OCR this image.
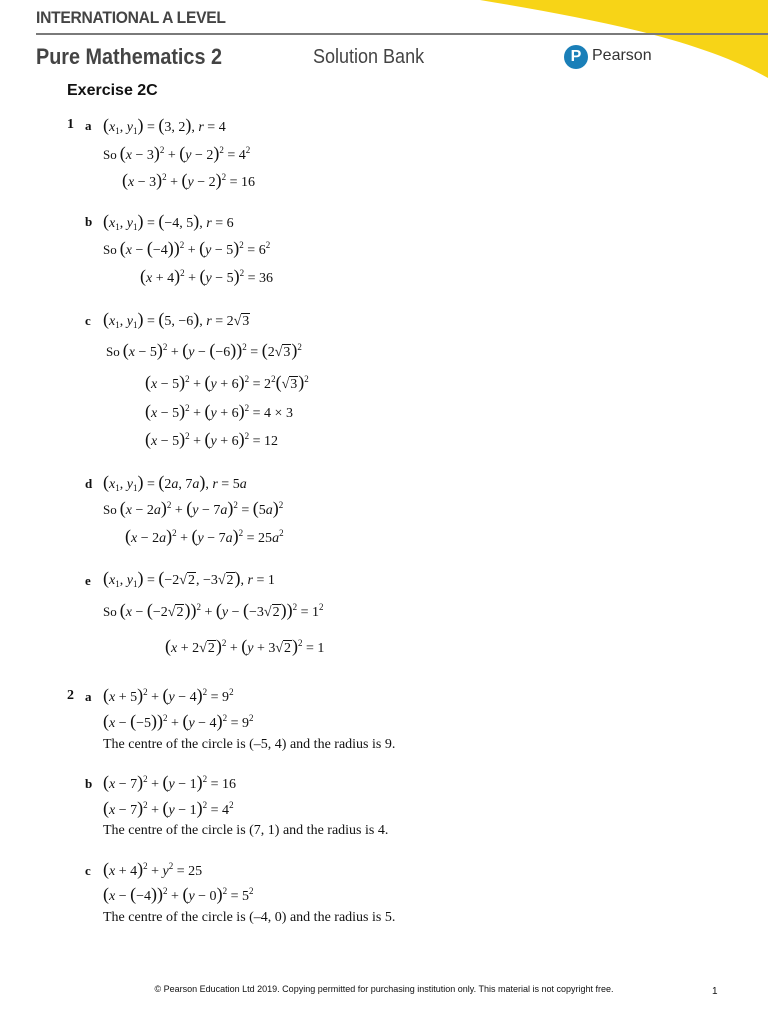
INTERNATIONAL A LEVEL
Pure Mathematics 2	Solution Bank	P Pearson
Exercise 2C
1 a ($x_1$, $y_1) = (3$, 2), r = 4
So $(x - 3)^2 + (y - 2)^2 = 4^2$
$(x - 3)^2 + (y - 2)^2 = 16$
b ($x_1$, $y_1) = (-4$, 5), r = 6
So $(x - (-4))^2 + (y - 5)^2 = 6^2$
$(x + 4)^2 + (y - 5)^2 = 36$
c ($x_1$, $y_1) = (5$, −6), r = 2√3
So $(x - 5)^2 + (y - (-6))^2 = (2√3)^2$
$(x - 5)^2 + (y + 6)^2 = 2^2(√3)^2$
$(x - 5)^2 + (y + 6)^2 = 4 \times 3$
$(x - 5)^2 + (y + 6)^2 = 12$
d ($x_1$, $y_1) = (2a$, 7a), r = 5a
So $(x - 2a)^2 + (y - 7a)^2 = (5a)^2$
$(x - 2a)^2 + (y - 7a)^2 = 25a^2$
e ($x_1$, $y_1) = (-2√2$, −3√2), r = 1
So $(x - (-2√2))^2 + (y - (-3√2))^2 = 1^2$
$(x + 2√2)^2 + (y + 3√2)^2 = 1$
2 a $(x + 5)^2 + (y - 4)^2 = 9^2$
$(x - (-5))^2 + (y - 4)^2 = 9^2$
The centre of the circle is (–5, 4) and the radius is 9.
b $(x - 7)^2 + (y - 1)^2 = 16$
$(x - 7)^2 + (y - 1)^2 = 4^2$
The centre of the circle is (7, 1) and the radius is 4.
c $(x + 4)^2 + y^2 = 25$
$(x - (-4))^2 + (y - 0)^2 = 5^2$
The centre of the circle is (–4, 0) and the radius is 5.
© Pearson Education Ltd 2019. Copying permitted for purchasing institution only. This material is not copyright free.	1
